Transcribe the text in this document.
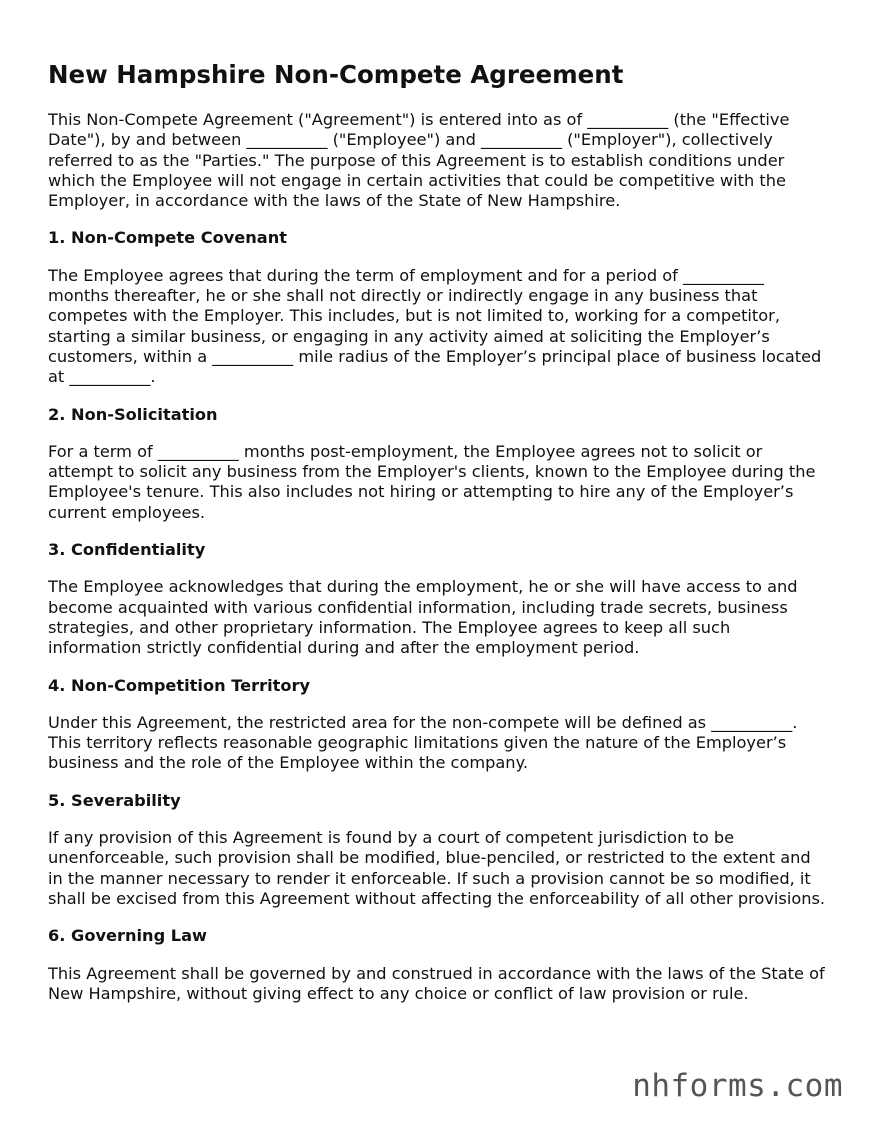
New Hampshire Non-Compete Agreement

This Non-Compete Agreement ("Agreement") is entered into as of __________ (the "Effective Date"), by and between __________ ("Employee") and __________ ("Employer"), collectively referred to as the "Parties." The purpose of this Agreement is to establish conditions under which the Employee will not engage in certain activities that could be competitive with the Employer, in accordance with the laws of the State of New Hampshire.

1. Non-Compete Covenant

The Employee agrees that during the term of employment and for a period of __________ months thereafter, he or she shall not directly or indirectly engage in any business that competes with the Employer. This includes, but is not limited to, working for a competitor, starting a similar business, or engaging in any activity aimed at soliciting the Employer’s customers, within a __________ mile radius of the Employer’s principal place of business located at __________.

2. Non-Solicitation

For a term of __________ months post-employment, the Employee agrees not to solicit or attempt to solicit any business from the Employer's clients, known to the Employee during the Employee's tenure. This also includes not hiring or attempting to hire any of the Employer’s current employees.

3. Confidentiality

The Employee acknowledges that during the employment, he or she will have access to and become acquainted with various confidential information, including trade secrets, business strategies, and other proprietary information. The Employee agrees to keep all such information strictly confidential during and after the employment period.

4. Non-Competition Territory

Under this Agreement, the restricted area for the non-compete will be defined as __________. This territory reflects reasonable geographic limitations given the nature of the Employer’s business and the role of the Employee within the company.

5. Severability

If any provision of this Agreement is found by a court of competent jurisdiction to be unenforceable, such provision shall be modified, blue-penciled, or restricted to the extent and in the manner necessary to render it enforceable. If such a provision cannot be so modified, it shall be excised from this Agreement without affecting the enforceability of all other provisions.

6. Governing Law

This Agreement shall be governed by and construed in accordance with the laws of the State of New Hampshire, without giving effect to any choice or conflict of law provision or rule.

nhforms.com
